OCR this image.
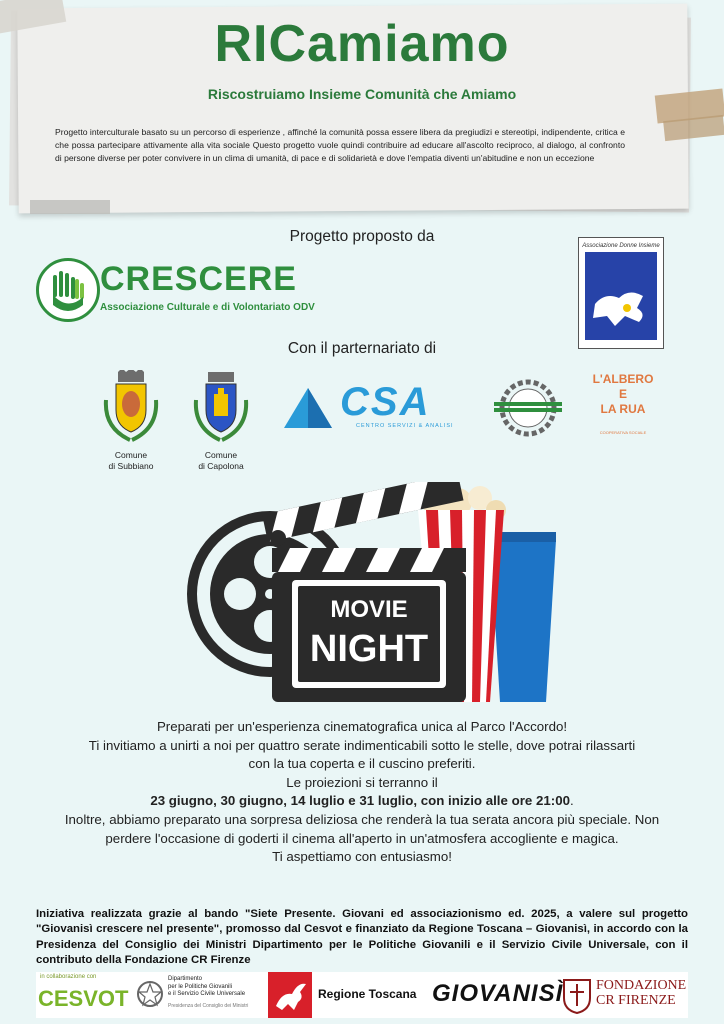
RICamiamo
Riscostruiamo Insieme Comunità che Amiamo
Progetto interculturale basato su un percorso di esperienze , affinché la comunità possa essere libera da pregiudizi e stereotipi, indipendente, critica e che possa partecipare attivamente alla vita sociale Questo progetto vuole quindi contribuire ad educare all'ascolto reciproco, al dialogo, al confronto di persone diverse per poter convivere in un clima di umanità, di pace e di solidarietà e dove l'empatia diventi un'abitudine e non un eccezione
Progetto proposto da
CRESCERE
Associazione Culturale e di Volontariato ODV
Associazione Donne Insieme
Con il parternariato di
Comune
di Subbiano
Comune
di Capolona
CSA
CENTRO SERVIZI & ANALISI
L'ALBERO E
LA RUA
COOPERATIVA SOCIALE
MOVIE
NIGHT
Preparati per un'esperienza cinematografica unica al Parco l'Accordo!
Ti invitiamo a unirti a noi per quattro serate indimenticabili sotto le stelle, dove potrai rilassarti
con la tua coperta e il cuscino preferiti.
Le proiezioni si terranno il
23 giugno, 30 giugno, 14 luglio e 31 luglio, con inizio alle ore 21:00.
Inoltre, abbiamo preparato una sorpresa deliziosa che renderà la tua serata ancora più speciale. Non
perdere l'occasione di goderti il cinema all'aperto in un'atmosfera accogliente e magica.
Ti aspettiamo con entusiasmo!
Iniziativa realizzata grazie al bando "Siete Presente. Giovani ed associazionismo ed. 2025, a valere sul progetto "Giovanisì crescere nel presente", promosso dal Cesvot e finanziato da Regione Toscana – Giovanisì, in accordo con la Presidenza del Consiglio dei Ministri Dipartimento per le Politiche Giovanili e il Servizio Civile Universale, con il contributo della Fondazione CR Firenze
in collaborazione con
CESVOT
Dipartimento
per le Politiche Giovanili
e il Servizio Civile Universale
Presidenza del Consiglio dei Ministri
Regione Toscana GIOVANISÌ FONDAZIONE
CR FIRENZE
